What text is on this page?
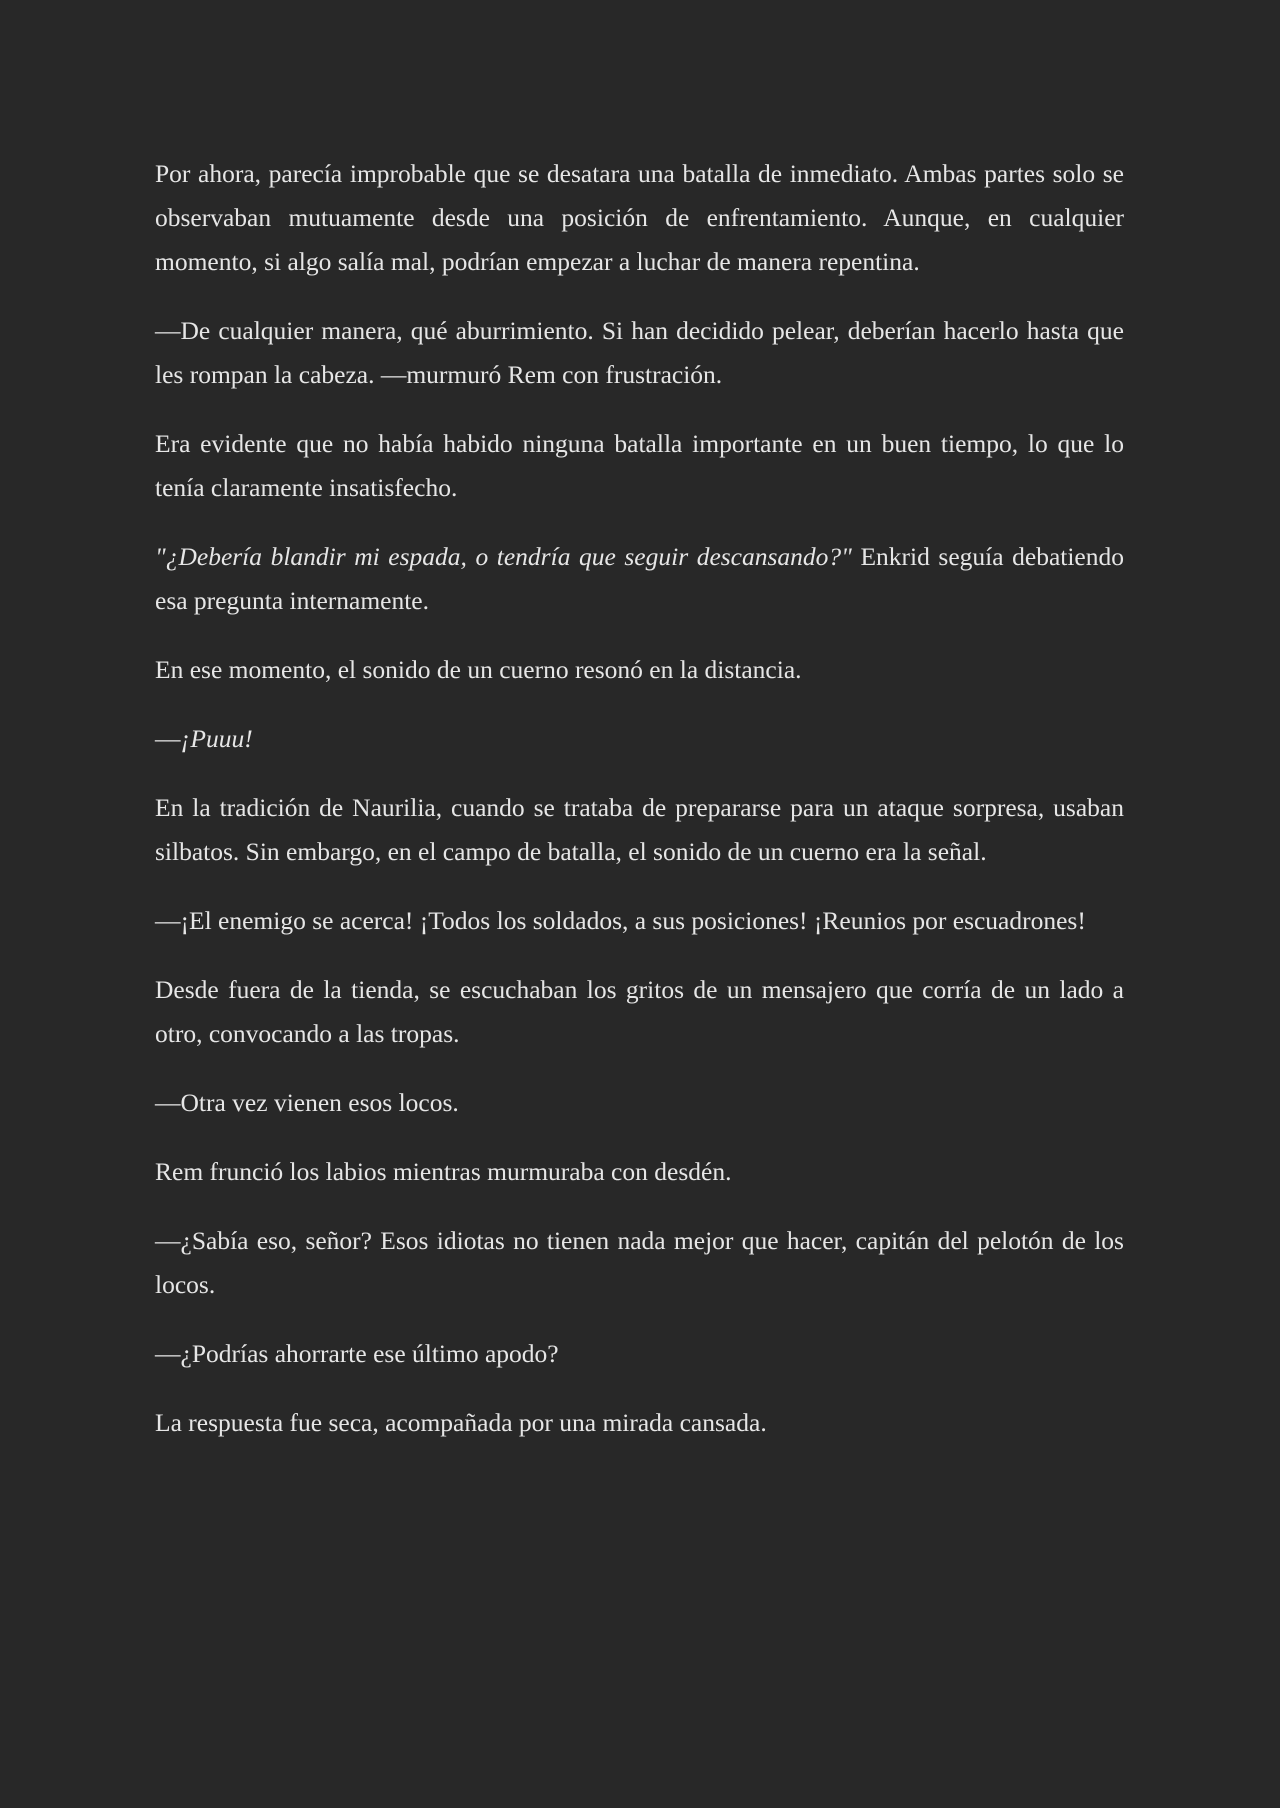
Por ahora, parecía improbable que se desatara una batalla de inmediato. Ambas partes solo se observaban mutuamente desde una posición de enfrentamiento. Aunque, en cualquier momento, si algo salía mal, podrían empezar a luchar de manera repentina.

—De cualquier manera, qué aburrimiento. Si han decidido pelear, deberían hacerlo hasta que les rompan la cabeza. —murmuró Rem con frustración.

Era evidente que no había habido ninguna batalla importante en un buen tiempo, lo que lo tenía claramente insatisfecho.

"¿Debería blandir mi espada, o tendría que seguir descansando?" Enkrid seguía debatiendo esa pregunta internamente.

En ese momento, el sonido de un cuerno resonó en la distancia.

—¡Puuu!

En la tradición de Naurilia, cuando se trataba de prepararse para un ataque sorpresa, usaban silbatos. Sin embargo, en el campo de batalla, el sonido de un cuerno era la señal.

—¡El enemigo se acerca! ¡Todos los soldados, a sus posiciones! ¡Reunios por escuadrones!

Desde fuera de la tienda, se escuchaban los gritos de un mensajero que corría de un lado a otro, convocando a las tropas.

—Otra vez vienen esos locos.

Rem frunció los labios mientras murmuraba con desdén.

—¿Sabía eso, señor? Esos idiotas no tienen nada mejor que hacer, capitán del pelotón de los locos.

—¿Podrías ahorrarte ese último apodo?

La respuesta fue seca, acompañada por una mirada cansada.
